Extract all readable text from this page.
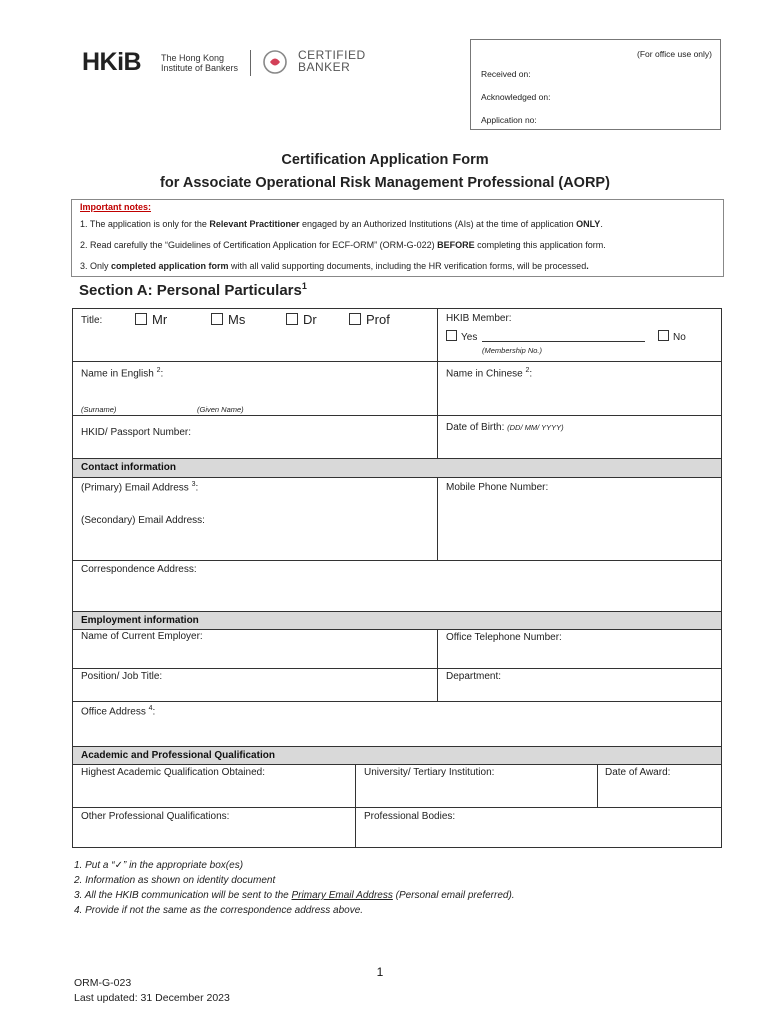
HKiB The Hong Kong
Institute of Bankers
CERTIFIED
BANKER
(For office use only)
Received on:
Acknowledged on:
Application no:
Certification Application Form
for Associate Operational Risk Management Professional (AORP)
Important notes:
1. The application is only for the Relevant Practitioner engaged by an Authorized Institutions (AIs) at the time of application ONLY.
2. Read carefully the “Guidelines of Certification Application for ECF-ORM” (ORM-G-022) BEFORE completing this application form.
3. Only completed application form with all valid supporting documents, including the HR verification forms, will be processed.
Section A: Personal Particulars$^1$
Title:	Mr	Ms	Dr	Prof	HKIB Member:
Yes	No
(Membership No.)
Name in English $^2$:
(Surname)	(Given Name)
Name in Chinese $^2$:
HKID/ Passport Number:	Date of Birth: (DD/ MM/ YYYY)
Contact information
(Primary) Email Address $^3$:
(Secondary) Email Address:
Mobile Phone Number:
Correspondence Address:
Employment information
Name of Current Employer:	Office Telephone Number:
Position/ Job Title:	Department:
Office Address $^4$:
Academic and Professional Qualification
Highest Academic Qualification Obtained:	University/ Tertiary Institution:	Date of Award:
Other Professional Qualifications:	Professional Bodies:
1. Put a “✓” in the appropriate box(es)
2. Information as shown on identity document
3. All the HKIB communication will be sent to the Primary Email Address (Personal email preferred).
4. Provide if not the same as the correspondence address above.
1
ORM-G-023
Last updated: 31 December 2023
